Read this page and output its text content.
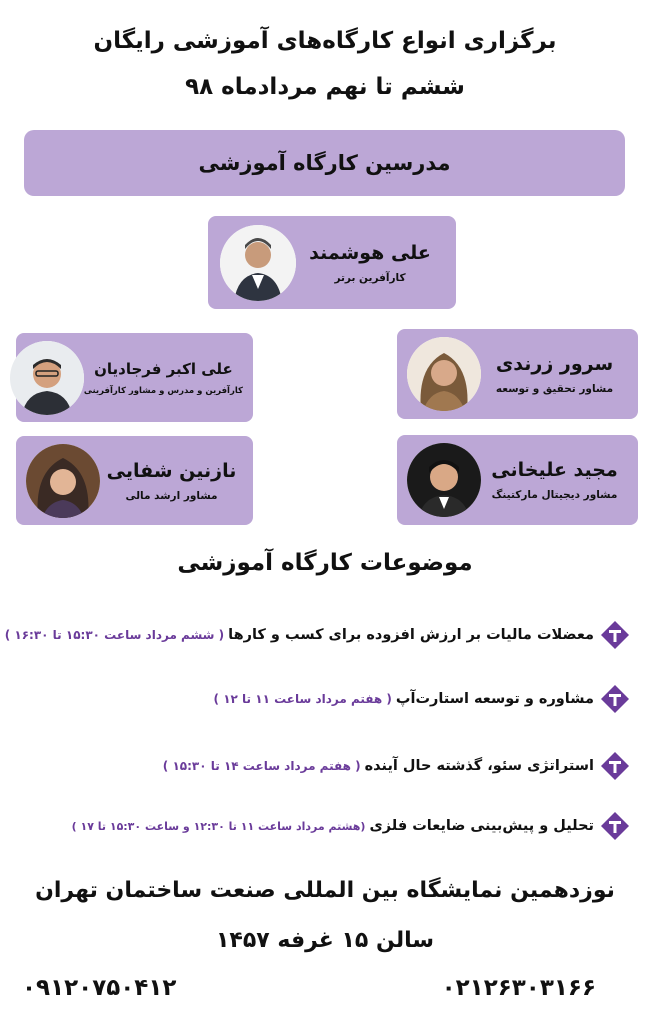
برگزاری انواع کارگاه‌های آموزشی رایگان
ششم تا نهم مردادماه ۹۸
مدرسین کارگاه آموزشی
علی هوشمند
کارآفرین برتر
سرور زرندی
مشاور تحقیق و توسعه
علی اکبر فرجادیان
کارآفرین و مدرس و مشاور کارآفرینی
مجید علیخانی
مشاور دیجیتال مارکتینگ
نازنین شفایی
مشاور ارشد مالی
موضوعات کارگاه آموزشی
معضلات مالیات بر ارزش افزوده برای کسب و کارها
( ششم مرداد ساعت ۱۵:۳۰ تا ۱۶:۳۰ )
مشاوره و توسعه استارت‌آپ
( هفتم مرداد ساعت ۱۱ تا ۱۲ )
استراتژی سئو، گذشته حال آینده
( هفتم مرداد ساعت ۱۴ تا ۱۵:۳۰ )
تحلیل و پیش‌بینی ضایعات فلزی
(هشتم مرداد ساعت ۱۱ تا ۱۲:۳۰ و ساعت ۱۵:۳۰ تا ۱۷ )
نوزدهمین نمایشگاه بین المللی صنعت ساختمان تهران
سالن ۱۵ غرفه ۱۴۵۷
۰۲۱۲۶۳۰۳۱۶۶
۰۹۱۲۰۷۵۰۴۱۲
